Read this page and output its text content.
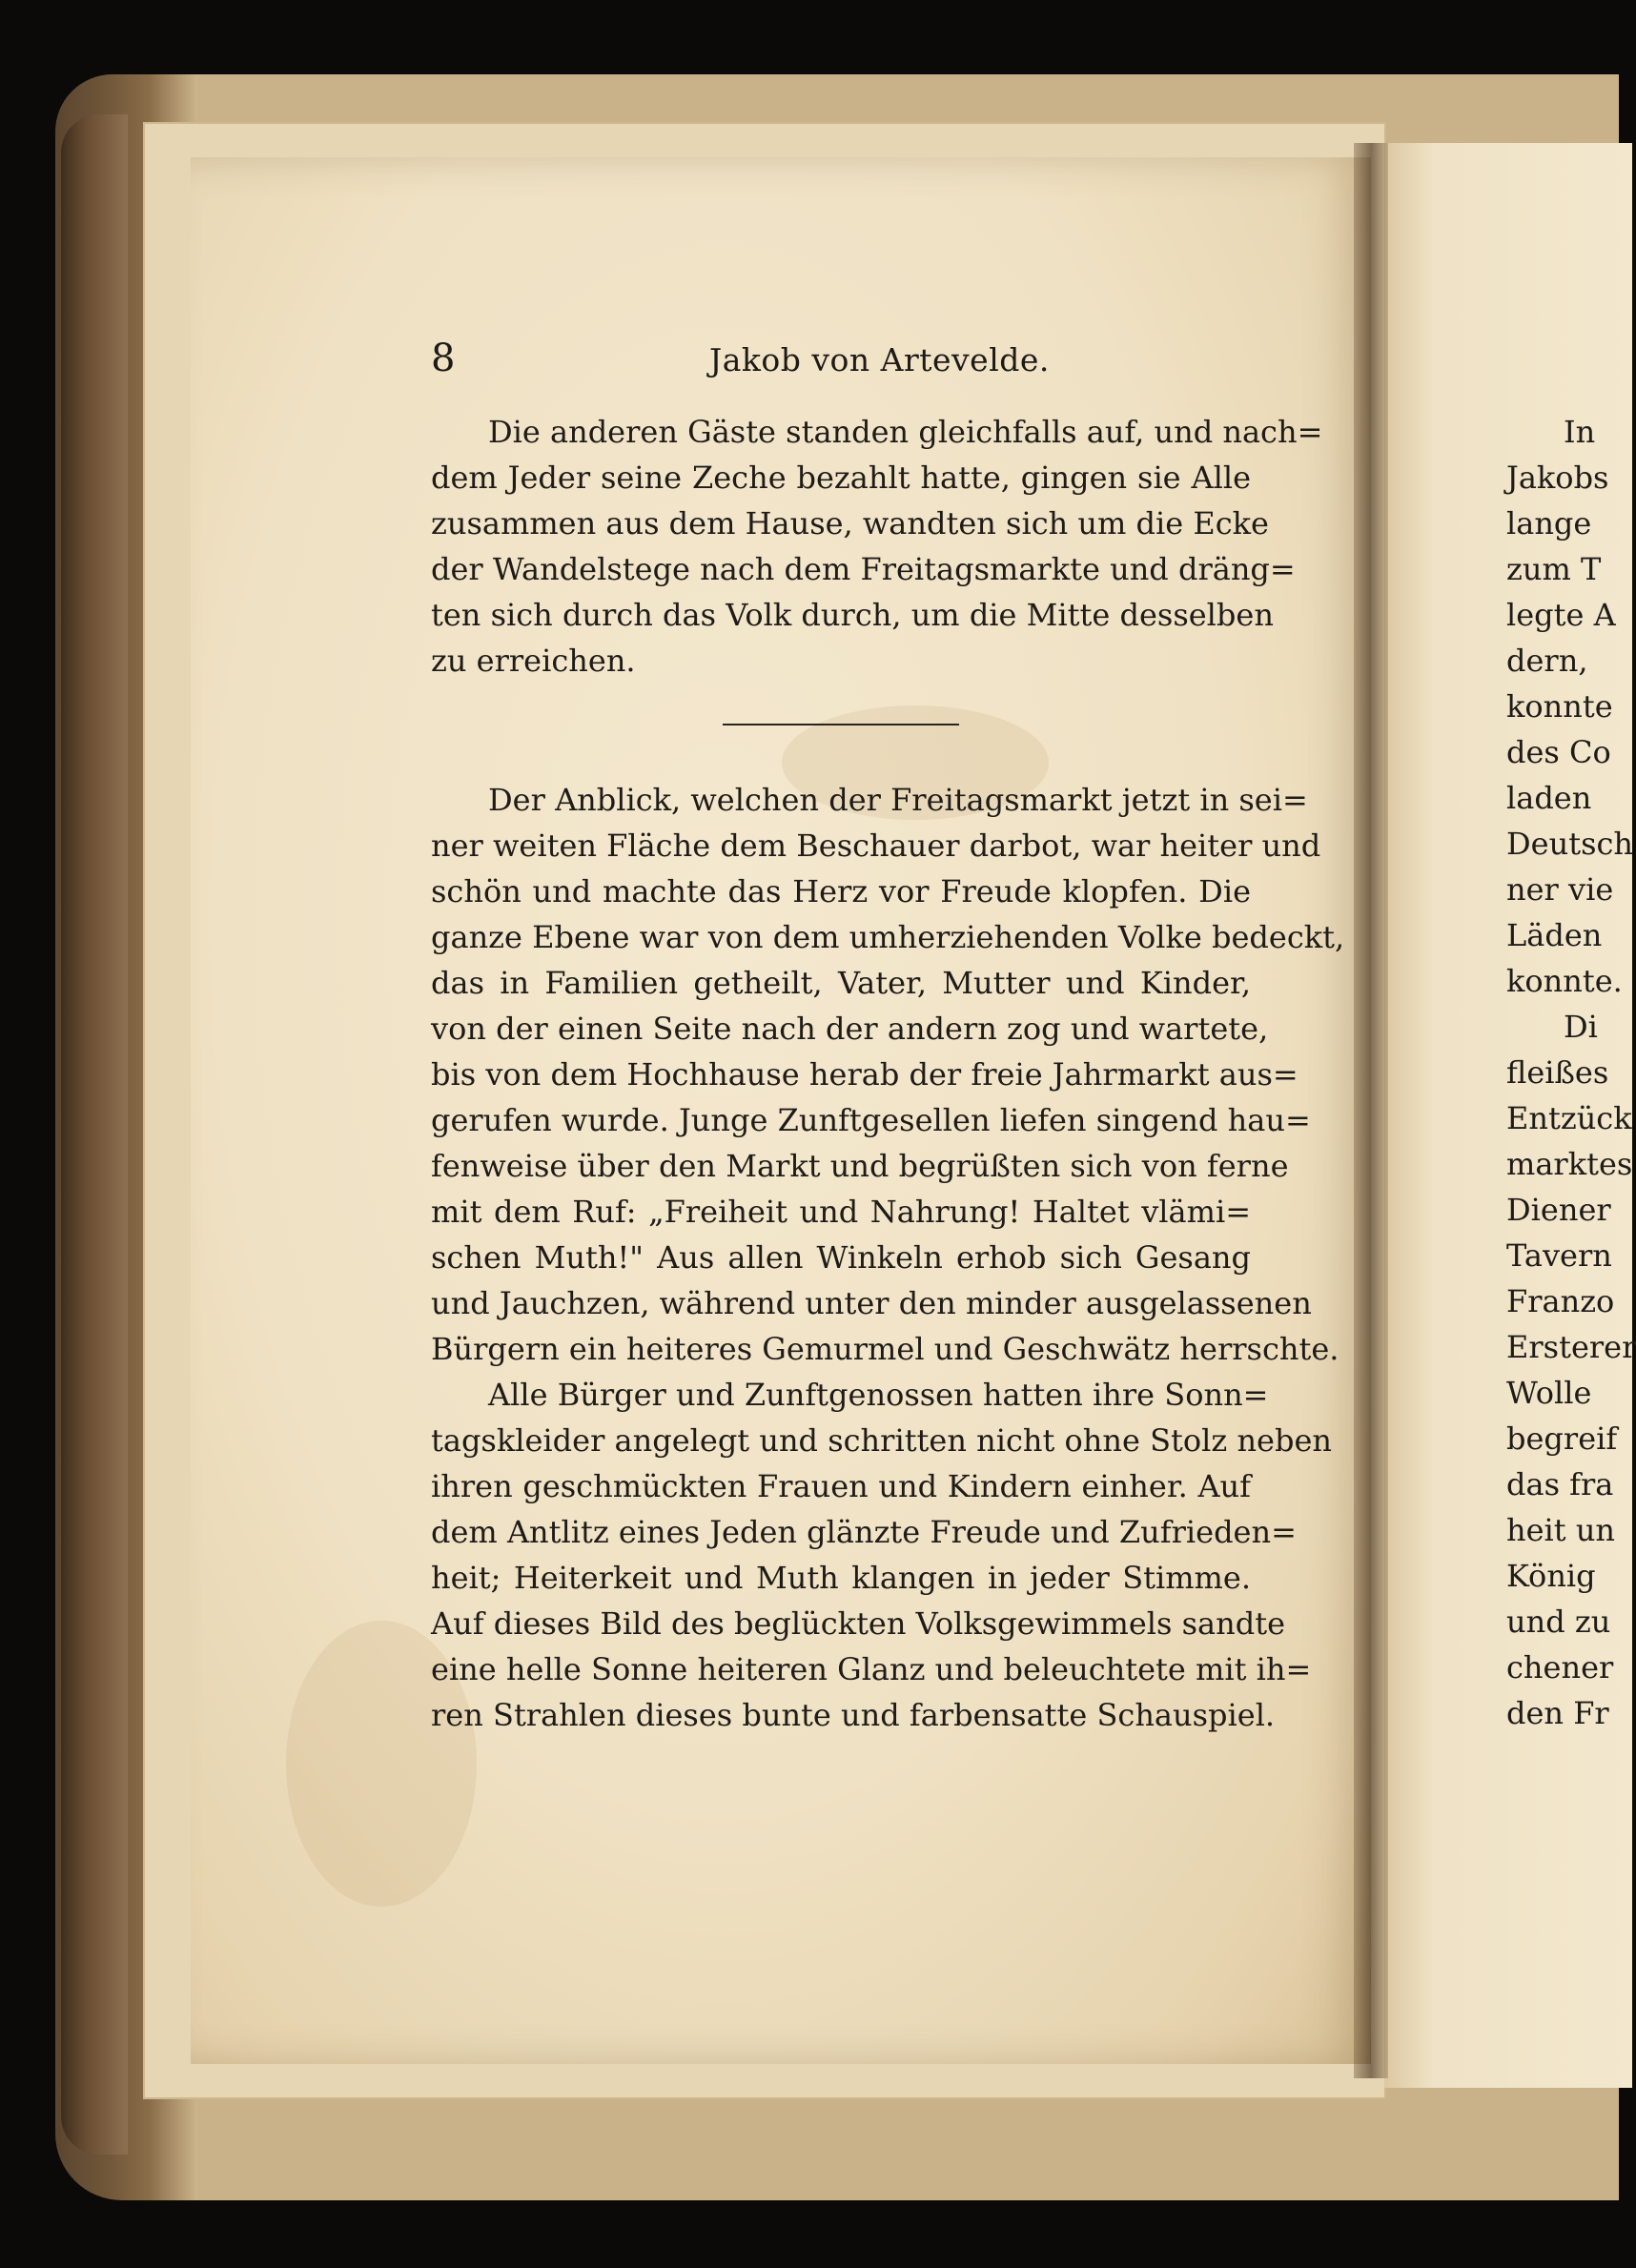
8	Jakob von Artevelde.
Die anderen Gäste standen gleichfalls auf, und nach=
dem Jeder seine Zeche bezahlt hatte, gingen sie Alle
zusammen aus dem Hause, wandten sich um die Ecke
der Wandelstege nach dem Freitagsmarkte und dräng=
ten sich durch das Volk durch, um die Mitte desselben
zu erreichen.
Der Anblick, welchen der Freitagsmarkt jetzt in sei=
ner weiten Fläche dem Beschauer darbot, war heiter und
schön und machte das Herz vor Freude klopfen. Die
ganze Ebene war von dem umherziehenden Volke bedeckt,
das in Familien getheilt, Vater, Mutter und Kinder,
von der einen Seite nach der andern zog und wartete,
bis von dem Hochhause herab der freie Jahrmarkt aus=
gerufen wurde. Junge Zunftgesellen liefen singend hau=
fenweise über den Markt und begrüßten sich von ferne
mit dem Ruf: „Freiheit und Nahrung! Haltet vlämi=
schen Muth!" Aus allen Winkeln erhob sich Gesang
und Jauchzen, während unter den minder ausgelassenen
Bürgern ein heiteres Gemurmel und Geschwätz herrschte.
Alle Bürger und Zunftgenossen hatten ihre Sonn=
tagskleider angelegt und schritten nicht ohne Stolz neben
ihren geschmückten Frauen und Kindern einher. Auf
dem Antlitz eines Jeden glänzte Freude und Zufrieden=
heit; Heiterkeit und Muth klangen in jeder Stimme.
Auf dieses Bild des beglückten Volksgewimmels sandte
eine helle Sonne heiteren Glanz und beleuchtete mit ih=
ren Strahlen dieses bunte und farbensatte Schauspiel.
In
Jakobs
lange
zum T
legte A
dern,
konnte
des Co
laden
Deutsch
ner vie
Läden
konnte.
Di
fleißes
Entzück
marktes
Diener
Tavern
Franzo
Ersterer
Wolle
begreif
das fra
heit un
König
und zu
chener
den Fr
